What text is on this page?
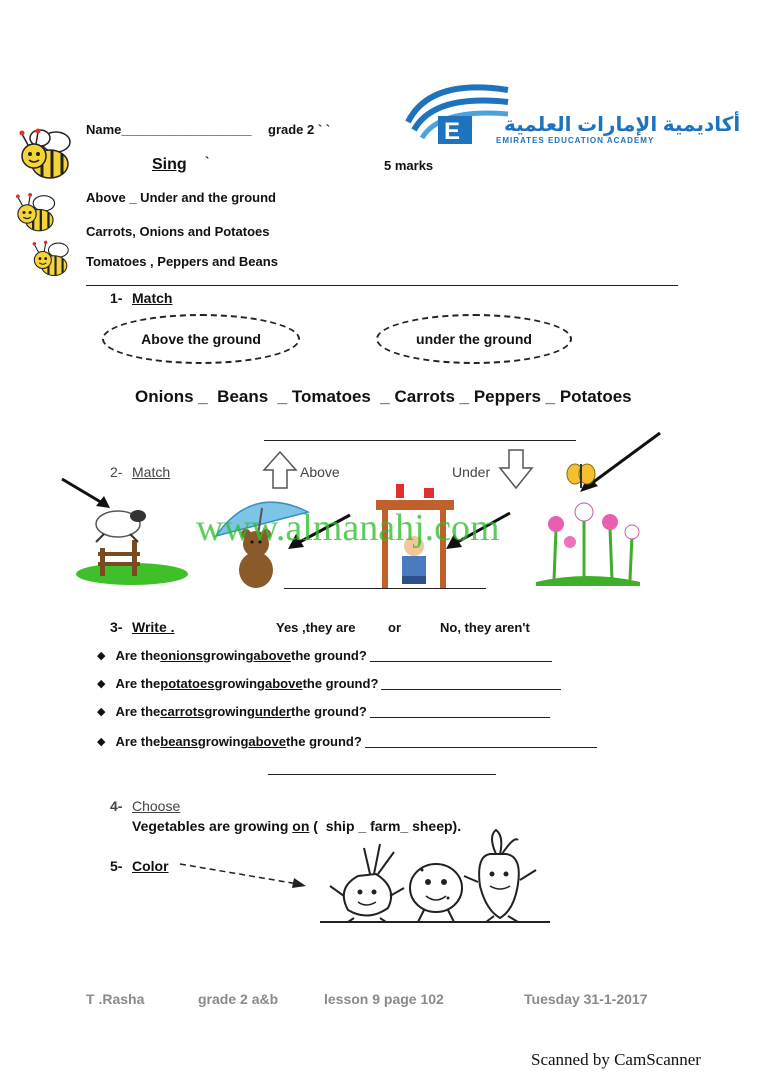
Name__________________ grade 2 ` `	E أكاديمية الإمارات العلمية
EMIRATES EDUCATION ACADEMY
Sing `	5 marks
Above _ Under and the ground
Carrots, Onions and Potatoes
Tomatoes , Peppers and Beans
1- Match
Above the ground	under the ground
Onions _  Beans  _ Tomatoes  _ Carrots _ Peppers _ Potatoes
2- Match	Above	Under
www.almanahj.com
3- Write .	Yes ,they are	or	No, they aren't
◆ Are the onions growing above the ground?
◆ Are the potatoes growing above the ground?
◆ Are the carrots growing under the ground?
◆ Are the beans growing above the ground?
4- Choose
Vegetables are growing on (  ship _ farm_ sheep).
5- Color
T .Rasha	grade 2 a&b	lesson 9 page 102	Tuesday 31-1-2017
Scanned by CamScanner
